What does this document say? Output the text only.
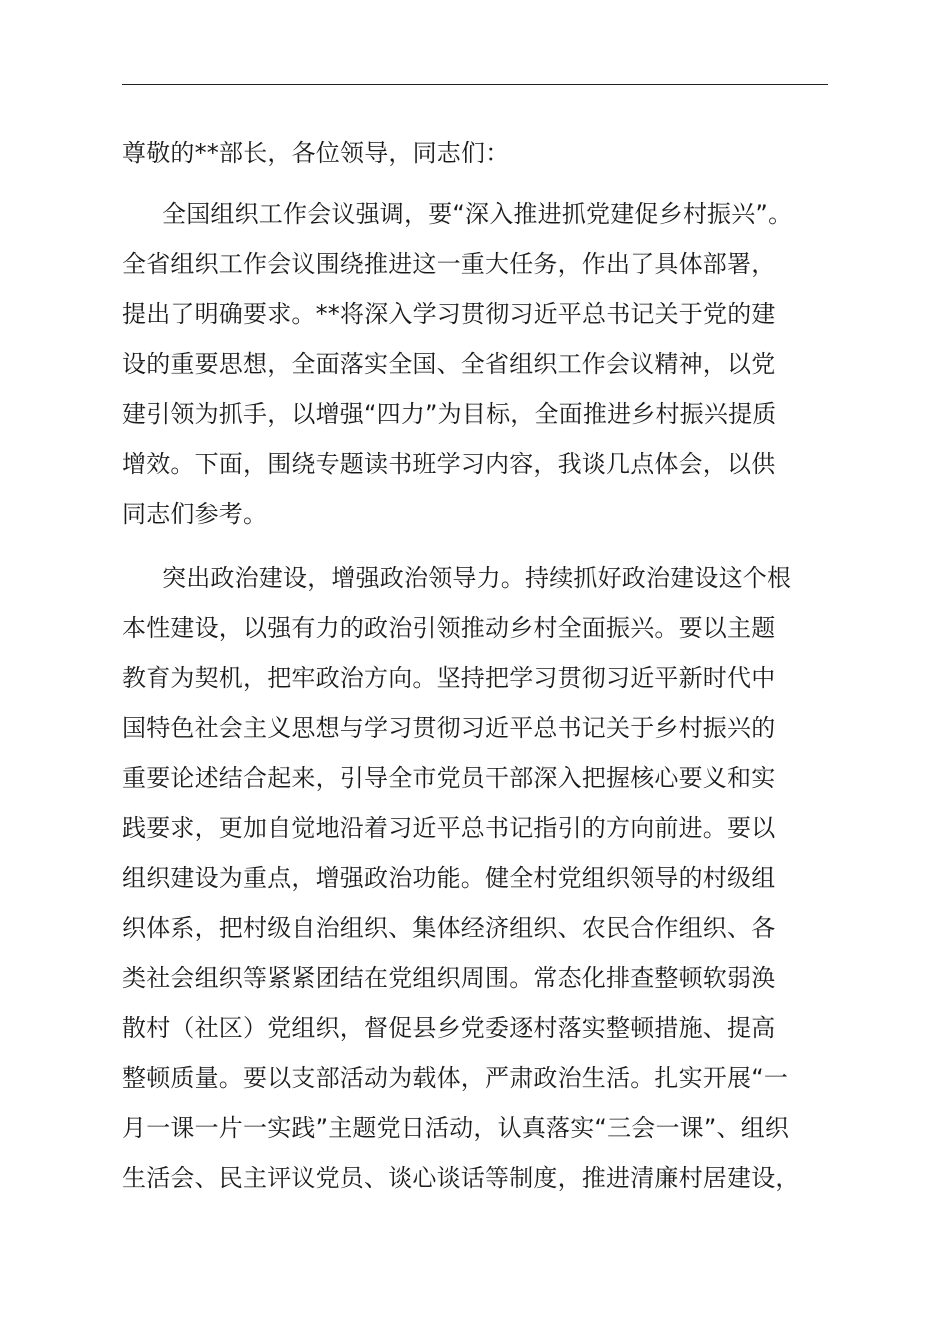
尊敬的**部长，各位领导，同志们：

全国组织工作会议强调，要“深入推进抓党建促乡村振兴”。

全省组织工作会议围绕推进这一重大任务，作出了具体部署，

提出了明确要求。**将深入学习贯彻习近平总书记关于党的建

设的重要思想，全面落实全国、全省组织工作会议精神，以党

建引领为抓手，以增强“四力”为目标，全面推进乡村振兴提质

增效。下面，围绕专题读书班学习内容，我谈几点体会，以供

同志们参考。

突出政治建设，增强政治领导力。持续抓好政治建设这个根

本性建设，以强有力的政治引领推动乡村全面振兴。要以主题

教育为契机，把牢政治方向。坚持把学习贯彻习近平新时代中

国特色社会主义思想与学习贯彻习近平总书记关于乡村振兴的

重要论述结合起来，引导全市党员干部深入把握核心要义和实

践要求，更加自觉地沿着习近平总书记指引的方向前进。要以

组织建设为重点，增强政治功能。健全村党组织领导的村级组

织体系，把村级自治组织、集体经济组织、农民合作组织、各

类社会组织等紧紧团结在党组织周围。常态化排查整顿软弱涣

散村（社区）党组织，督促县乡党委逐村落实整顿措施、提高

整顿质量。要以支部活动为载体，严肃政治生活。扎实开展“一

月一课一片一实践”主题党日活动，认真落实“三会一课”、组织

生活会、民主评议党员、谈心谈话等制度，推进清廉村居建设，
